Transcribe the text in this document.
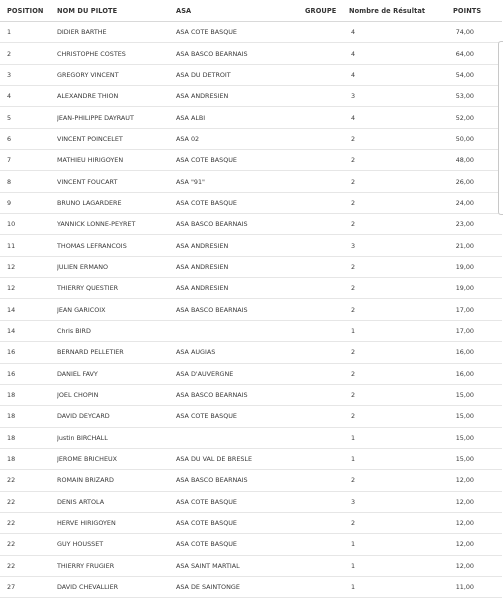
POSITION	NOM DU PILOTE	ASA	GROUPE	Nombre de Résultat	POINTS
1	DIDIER BARTHE	ASA COTE BASQUE		4	74,00
2	CHRISTOPHE COSTES	ASA BASCO BEARNAIS		4	64,00
3	GREGORY VINCENT	ASA DU DETROIT		4	54,00
4	ALEXANDRE THION	ASA ANDRESIEN		3	53,00
5	JEAN-PHILIPPE DAYRAUT	ASA ALBI		4	52,00
6	VINCENT POINCELET	ASA 02		2	50,00
7	MATHIEU HIRIGOYEN	ASA COTE BASQUE		2	48,00
8	VINCENT FOUCART	ASA "91"		2	26,00
9	BRUNO LAGARDERE	ASA COTE BASQUE		2	24,00
10	YANNICK LONNE-PEYRET	ASA BASCO BEARNAIS		2	23,00
11	THOMAS LEFRANCOIS	ASA ANDRESIEN		3	21,00
12	JULIEN ERMANO	ASA ANDRESIEN		2	19,00
12	THIERRY QUESTIER	ASA ANDRESIEN		2	19,00
14	JEAN GARICOIX	ASA BASCO BEARNAIS		2	17,00
14	Chris BIRD			1	17,00
16	BERNARD PELLETIER	ASA AUGIAS		2	16,00
16	DANIEL FAVY	ASA D'AUVERGNE		2	16,00
18	JOEL CHOPIN	ASA BASCO BEARNAIS		2	15,00
18	DAVID DEYCARD	ASA COTE BASQUE		2	15,00
18	Justin BIRCHALL			1	15,00
18	JEROME BRICHEUX	ASA DU VAL DE BRESLE		1	15,00
22	ROMAIN BRIZARD	ASA BASCO BEARNAIS		2	12,00
22	DENIS ARTOLA	ASA COTE BASQUE		3	12,00
22	HERVE HIRIGOYEN	ASA COTE BASQUE		2	12,00
22	GUY HOUSSET	ASA COTE BASQUE		1	12,00
22	THIERRY FRUGIER	ASA SAINT MARTIAL		1	12,00
27	DAVID CHEVALLIER	ASA DE SAINTONGE		1	11,00
